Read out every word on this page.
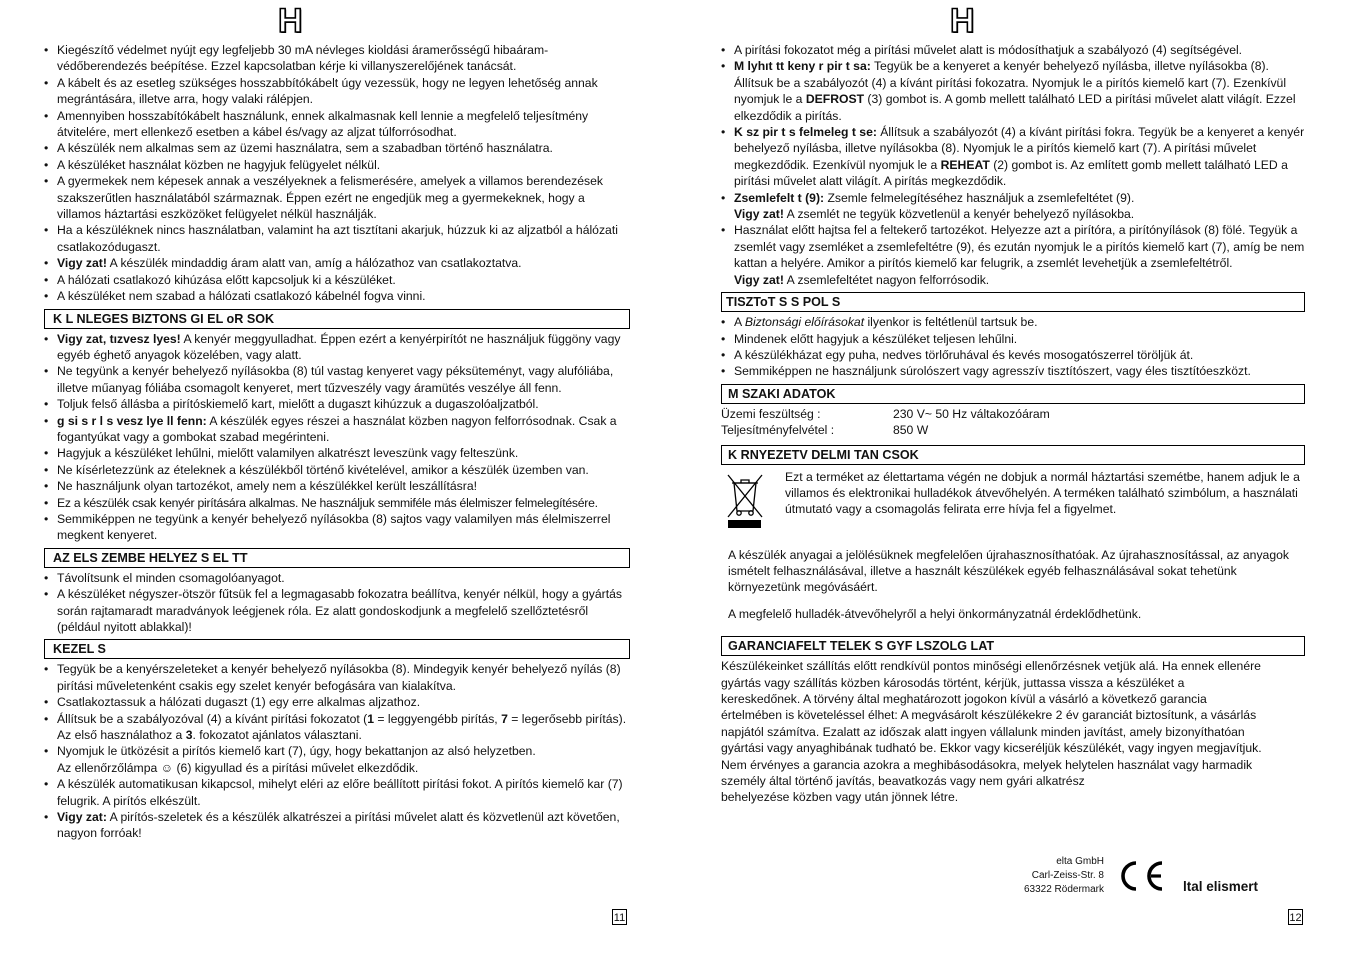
H
• Kiegészítő védelmet nyújt egy legfeljebb 30 mA névleges kioldási áramerősségű hibaáram-védőberendezés beépítése. Ezzel kapcsolatban kérje ki villanyszerelőjének tanácsát.
• A kábelt és az esetleg szükséges hosszabbítókábelt úgy vezessük, hogy ne legyen lehetőség annak megrántására, illetve arra, hogy valaki rálépjen.
• Amennyiben hosszabítókábelt használunk, ennek alkalmasnak kell lennie a megfelelő teljesítmény átvitelére, mert ellenkező esetben a kábel és/vagy az aljzat túlforrósodhat.
• A készülék nem alkalmas sem az üzemi használatra, sem a szabadban történő használatra.
• A készüléket használat közben ne hagyjuk felügyelet nélkül.
• A gyermekek nem képesek annak a veszélyeknek a felismerésére, amelyek a villamos berendezések szakszerűtlen használatából származnak. Éppen ezért ne engedjük meg a gyermekeknek, hogy a villamos háztartási eszközöket felügyelet nélkül használják.
• Ha a készüléknek nincs használatban, valamint ha azt tisztítani akarjuk, húzzuk ki az aljzatból a hálózati csatlakozódugaszt.
• Vigy zat! A készülék mindaddig áram alatt van, amíg a hálózathoz van csatlakoztatva.
• A hálózati csatlakozó kihúzása előtt kapcsoljuk ki a készüléket.
• A készüléket nem szabad a hálózati csatlakozó kábelnél fogva vinni.
K L NLEGES BIZTONS GI EL oR SOK
• Vigy zat, tızvesz lyes! A kenyér meggyulladhat. Éppen ezért a kenyérpirítót ne használjuk függöny vagy egyéb éghető anyagok közelében, vagy alatt.
• Ne tegyünk a kenyér behelyező nyílásokba (8) túl vastag kenyeret vagy péksüteményt, vagy alufóliába, illetve műanyag fóliába csomagolt kenyeret, mert tűzveszély vagy áramütés veszélye áll fenn.
• Toljuk felső állásba a pirítóskiemelő kart, mielőtt a dugaszt kihúzzuk a dugaszolóaljzatból.
• g si s r l s vesz lye ll fenn: A készülék egyes részei a használat közben nagyon felforrósodnak. Csak a fogantyúkat vagy a gombokat szabad megérinteni.
• Hagyjuk a készüléket lehűlni, mielőtt valamilyen alkatrészt leveszünk vagy felteszünk.
• Ne kísérletezzünk az ételeknek a készülékből történő kivételével, amikor a készülék üzemben van.
• Ne használjunk olyan tartozékot, amely nem a készülékkel került leszállításra!
• Ez a készülék csak kenyér pirítására alkalmas. Ne használjuk semmiféle más élelmiszer felmelegítésére.
• Semmiképpen ne tegyünk a kenyér behelyező nyílásokba (8) sajtos vagy valamilyen más élelmiszerrel megkent kenyeret.
AZ ELS ZEMBE HELYEZ S EL TT
• Távolítsunk el minden csomagolóanyagot.
• A készüléket négyszer-ötször fűtsük fel a legmagasabb fokozatra beállítva, kenyér nélkül, hogy a gyártás során rajtamaradt maradványok leégjenek róla. Ez alatt gondoskodjunk a megfelelő szellőztetésről (például nyitott ablakkal)!
KEZEL S
• Tegyük be a kenyérszeleteket a kenyér behelyező nyílásokba (8). Mindegyik kenyér behelyező nyílás (8) pirítási műveletenként csakis egy szelet kenyér befogására van kialakítva.
• Csatlakoztassuk a hálózati dugaszt (1) egy erre alkalmas aljzathoz.
• Állítsuk be a szabályozóval (4) a kívánt pirítási fokozatot (1 = leggyengébb pirítás, 7 = legerősebb pirítás). Az első használathoz a 3. fokozatot ajánlatos választani.
• Nyomjuk le ütközésit a pirítós kiemelő kart (7), úgy, hogy bekattanjon az alsó helyzetben.
Az ellenőrzőlámpa ☺ (6) kigyullad és a pirítási művelet elkezdődik.
• A készülék automatikusan kikapcsol, mihelyt eléri az előre beállított pirítási fokot. A pirítós kiemelő kar (7) felugrik. A pirítós elkészült.
• Vigy zat: A pirítós-szeletek és a készülék alkatrészei a pirítási művelet alatt és közvetlenül azt követően, nagyon forróak!
11
H
• A pirítási fokozatot még a pirítási művelet alatt is módosíthatjuk a szabályozó (4) segítségével.
• M lyhıt tt keny r pir t sa: Tegyük be a kenyeret a kenyér behelyező nyílásba, illetve nyílásokba (8). Állítsuk be a szabályozót (4) a kívánt pirítási fokozatra. Nyomjuk le a pirítós kiemelő kart (7). Ezenkívül nyomjuk le a DEFROST (3) gombot is. A gomb mellett található LED a pirítási művelet alatt világít. Ezzel elkezdődik a pirítás.
• K sz pir t s felmeleg t se: Állítsuk a szabályozót (4) a kívánt pirítási fokra. Tegyük be a kenyeret a kenyér behelyező nyílásba, illetve nyílásokba (8). Nyomjuk le a pirítós kiemelő kart (7). A pirítási művelet megkezdődik. Ezenkívül nyomjuk le a REHEAT (2) gombot is. Az említett gomb mellett található LED a pirítási művelet alatt világít. A pirítás megkezdődik.
• Zsemlefelt t (9): Zsemle felmelegítéséhez használjuk a zsemlefeltétet (9).
Vigy zat! A zsemlét ne tegyük közvetlenül a kenyér behelyező nyílásokba.
• Használat előtt hajtsa fel a feltekerő tartozékot. Helyezze azt a pirítóra, a pirítónyílások (8) fölé. Tegyük a zsemlét vagy zsemléket a zsemlefeltétre (9), és ezután nyomjuk le a pirítós kiemelő kart (7), amíg be nem kattan a helyére. Amikor a pirítós kiemelő kar felugrik, a zsemlét levehetjük a zsemlefeltétről.
Vigy zat! A zsemlefeltétet nagyon felforrósodik.
TISZToT S S POL S
• A Biztonsági előírásokat ilyenkor is feltétlenül tartsuk be.
• Mindenek előtt hagyjuk a készüléket teljesen lehűlni.
• A készülékházat egy puha, nedves törlőruhával és kevés mosogatószerrel töröljük át.
• Semmiképpen ne használjunk súrolószert vagy agresszív tisztítószert, vagy éles tisztítóeszközt.
M SZAKI ADATOK
Üzemi feszültség :	230 V~ 50 Hz váltakozóáram
Teljesítményfelvétel :	850 W
K RNYEZETV DELMI TAN CSOK
Ezt a terméket az élettartama végén ne dobjuk a normál háztartási szemétbe, hanem adjuk le a villamos és elektronikai hulladékok átvevőhelyén. A terméken található szimbólum, a használati útmutató vagy a csomagolás felirata erre hívja fel a figyelmet.
A készülék anyagai a jelölésüknek megfelelően újrahasznosíthatóak. Az újrahasznosítással, az anyagok ismételt felhasználásával, illetve a használt készülékek egyéb felhasználásával sokat tehetünk környezetünk megóvásáért.
A megfelelő hulladék-átvevőhelyről a helyi önkormányzatnál érdeklődhetünk.
GARANCIAFELT TELEK S GYF LSZOLG LAT
Készülékeinket szállítás előtt rendkívül pontos minőségi ellenőrzésnek vetjük alá. Ha ennek ellenére
gyártás vagy szállítás közben károsodás történt, kérjük, juttassa vissza a készüléket a
kereskedőnek. A törvény által meghatározott jogokon kívül a vásárló a következő garancia
értelmében is követeléssel élhet: A megvásárolt készülékekre 2 év garanciát biztosítunk, a vásárlás
napjától számítva. Ezalatt az időszak alatt ingyen vállalunk minden javítást, amely bizonyíthatóan
gyártási vagy anyaghibának tudható be. Ekkor vagy kicseréljük készülékét, vagy ingyen megjavítjuk.
Nem érvényes a garancia azokra a meghibásodásokra, melyek helytelen használat vagy harmadik
személy által történő javítás, beavatkozás vagy nem gyári alkatrész
behelyezése közben vagy után jönnek létre.
elta GmbH
Carl-Zeiss-Str. 8
63322 Rödermark	ltal elismert
12
